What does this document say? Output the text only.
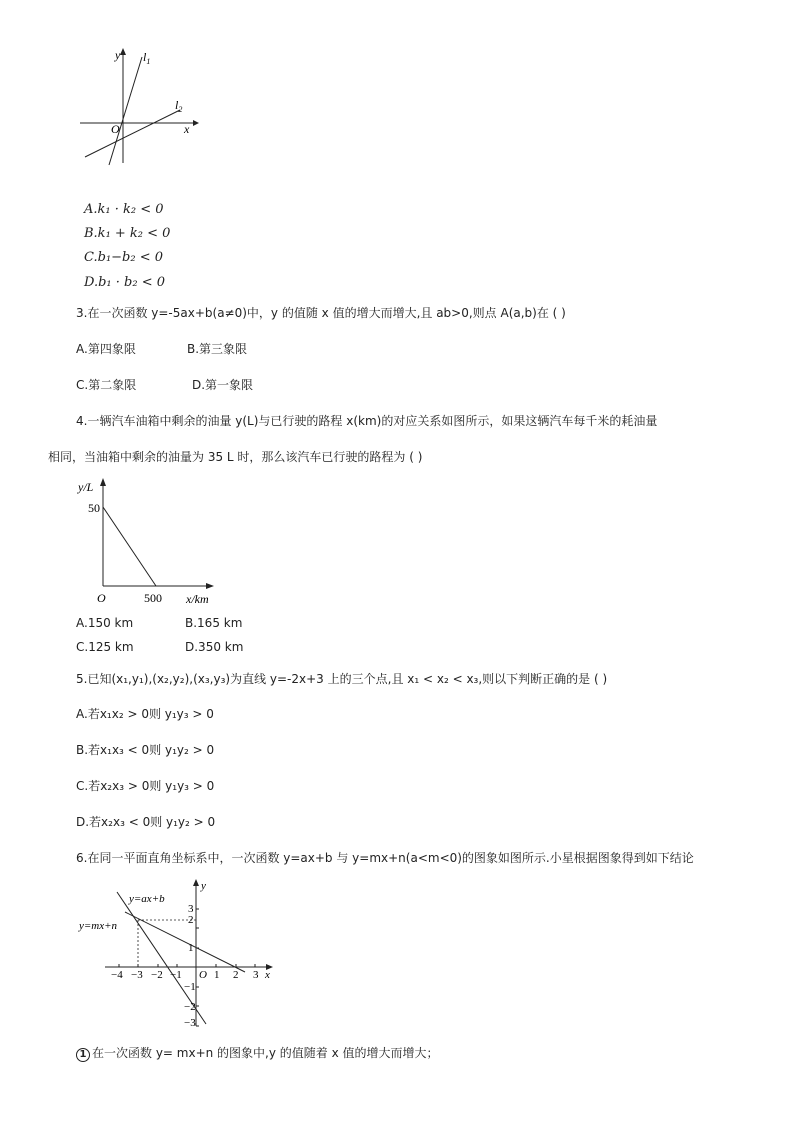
y
x
O
$l_1$
$l_2$
A.k₁ · k₂ < 0
B.k₁ + k₂ < 0
C.b₁−b₂ < 0
D.b₁ · b₂ < 0
3.在一次函数 y=-5ax+b(a≠0)中，y 的值随 x 值的增大而增大,且 ab>0,则点 A(a,b)在 ( )
A.第四象限	B.第三象限
C.第二象限	D.第一象限
4.一辆汽车油箱中剩余的油量 y(L)与已行驶的路程 x(km)的对应关系如图所示，如果这辆汽车每千米的耗油量
相同，当油箱中剩余的油量为 35 L 时，那么该汽车已行驶的路程为 ( )
y/L
50
O	500 x/km
A.150 km	B.165 km
C.125 km	D.350 km
5.已知(x₁,y₁),(x₂,y₂),(x₃,y₃)为直线 y=-2x+3 上的三个点,且 x₁ < x₂ < x₃,则以下判断正确的是 ( )
A.若x₁x₂ > 0则 y₁y₃ > 0
B.若x₁x₃ < 0则 y₁y₂ > 0
C.若x₂x₃ > 0则 y₁y₃ > 0
D.若x₂x₃ < 0则 y₁y₂ > 0
6.在同一平面直角坐标系中，一次函数 y=ax+b 与 y=mx+n(a<m<0)的图象如图所示.小星根据图象得到如下结论
y=ax+b
y=mx+n
y
x
O
−4 −3 −2 −1	1 2 3
3
2
1
−1
−2
−3
1 在一次函数 y= mx+n 的图象中,y 的值随着 x 值的增大而增大；
